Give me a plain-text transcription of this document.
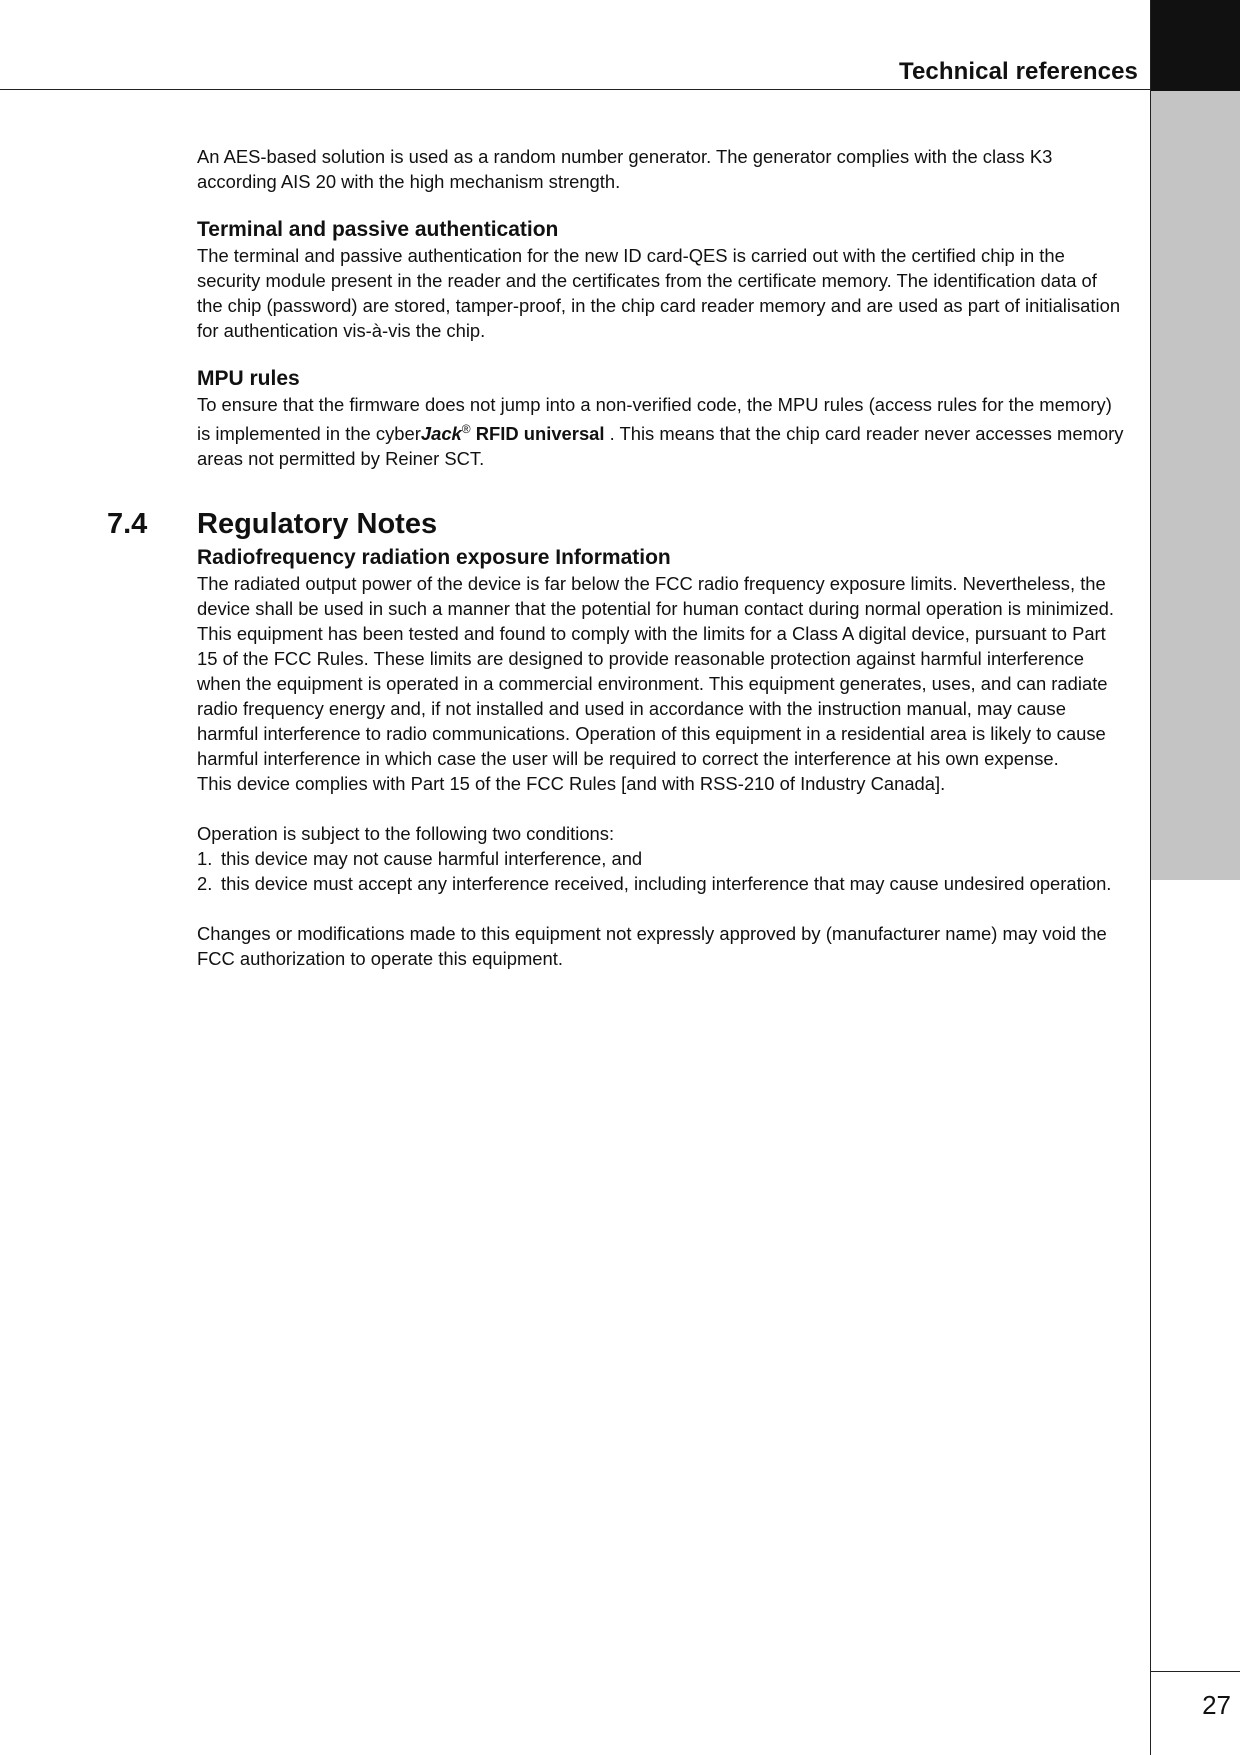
Technical references

An AES-based solution is used as a random number generator. The generator complies with the class K3 according AIS 20 with the high mechanism strength.

Terminal and passive authentication

The terminal and passive authentication for the new ID card-QES is carried out with the certified chip in the security module present in the reader and the certificates from the certificate memory. The identification data of the chip (password) are stored, tamper-proof, in the chip card reader memory and are used as part of initialisation for authentication vis-à-vis the chip.

MPU rules

To ensure that the firmware does not jump into a non-verified code, the MPU rules (access rules for the memory) is implemented in the cyberJack® RFID universal . This means that the chip card reader never accesses memory areas not permitted by Reiner SCT.

7.4 Regulatory Notes
Radiofrequency radiation exposure Information

The radiated output power of the device is far below the FCC radio frequency exposure limits. Nevertheless, the device shall be used in such a manner that the potential for human contact during normal operation is minimized.

This equipment has been tested and found to comply with the limits for a Class A digital device, pursuant to Part 15 of the FCC Rules. These limits are designed to provide reasonable protection against harmful interference when the equipment is operated in a commercial environment. This equipment generates, uses, and can radiate radio frequency energy and, if not installed and used in accordance with the instruction manual, may cause harmful interference to radio communications. Operation of this equipment in a residential area is likely to cause harmful interference in which case the user will be required to correct the interference at his own expense.

This device complies with Part 15 of the FCC Rules [and with RSS-210 of Industry Canada].

Operation is subject to the following two conditions:

1. this device may not cause harmful interference, and
2. this device must accept any interference received, including interference that may cause undesired operation.

Changes or modifications made to this equipment not expressly approved by (manufacturer name) may void the FCC authorization to operate this equipment.

27
